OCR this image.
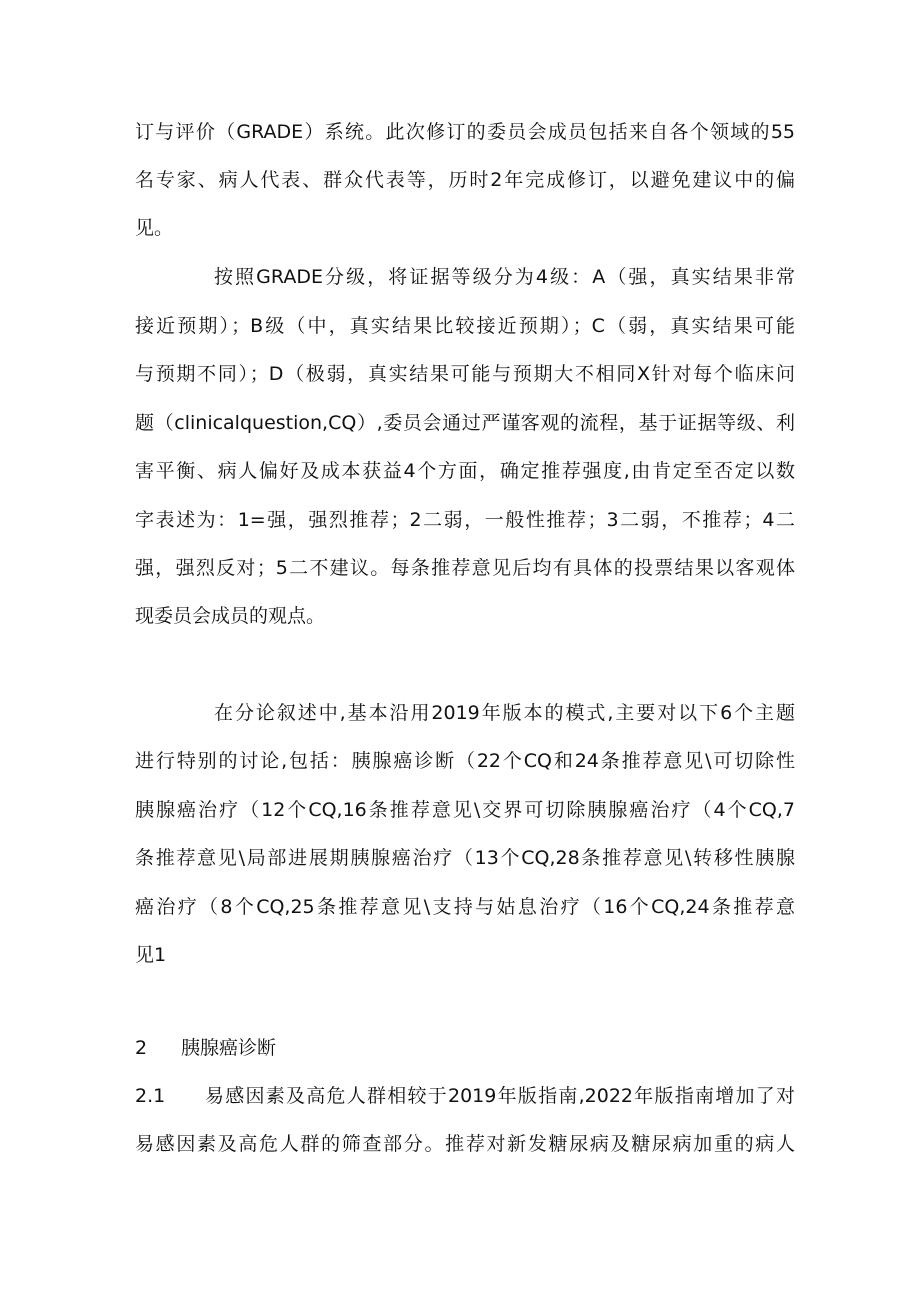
订与评价（GRADE）系统。此次修订的委员会成员包括来自各个领域的55
名专家、病人代表、群众代表等，历时2年完成修订，以避免建议中的偏
见。
按照GRADE分级，将证据等级分为4级：A（强，真实结果非常
接近预期）；B级（中，真实结果比较接近预期）；C（弱，真实结果可能
与预期不同）；D（极弱，真实结果可能与预期大不相同X针对每个临床问
题（clinicalquestion,CQ）,委员会通过严谨客观的流程，基于证据等级、利
害平衡、病人偏好及成本获益4个方面，确定推荐强度,由肯定至否定以数
字表述为：1=强，强烈推荐；2二弱，一般性推荐；3二弱，不推荐；4二
强，强烈反对；5二不建议。每条推荐意见后均有具体的投票结果以客观体
现委员会成员的观点。
在分论叙述中,基本沿用2019年版本的模式,主要对以下6个主题
进行特别的讨论,包括：胰腺癌诊断（22个CQ和24条推荐意见\可切除性
胰腺癌治疗（12个CQ,16条推荐意见\交界可切除胰腺癌治疗（4个CQ,7
条推荐意见\局部进展期胰腺癌治疗（13个CQ,28条推荐意见\转移性胰腺
癌治疗（8个CQ,25条推荐意见\支持与姑息治疗（16个CQ,24条推荐意
见1
2 胰腺癌诊断
2.1 易感因素及高危人群相较于2019年版指南,2022年版指南增加了对
易感因素及高危人群的筛查部分。推荐对新发糖尿病及糖尿病加重的病人
